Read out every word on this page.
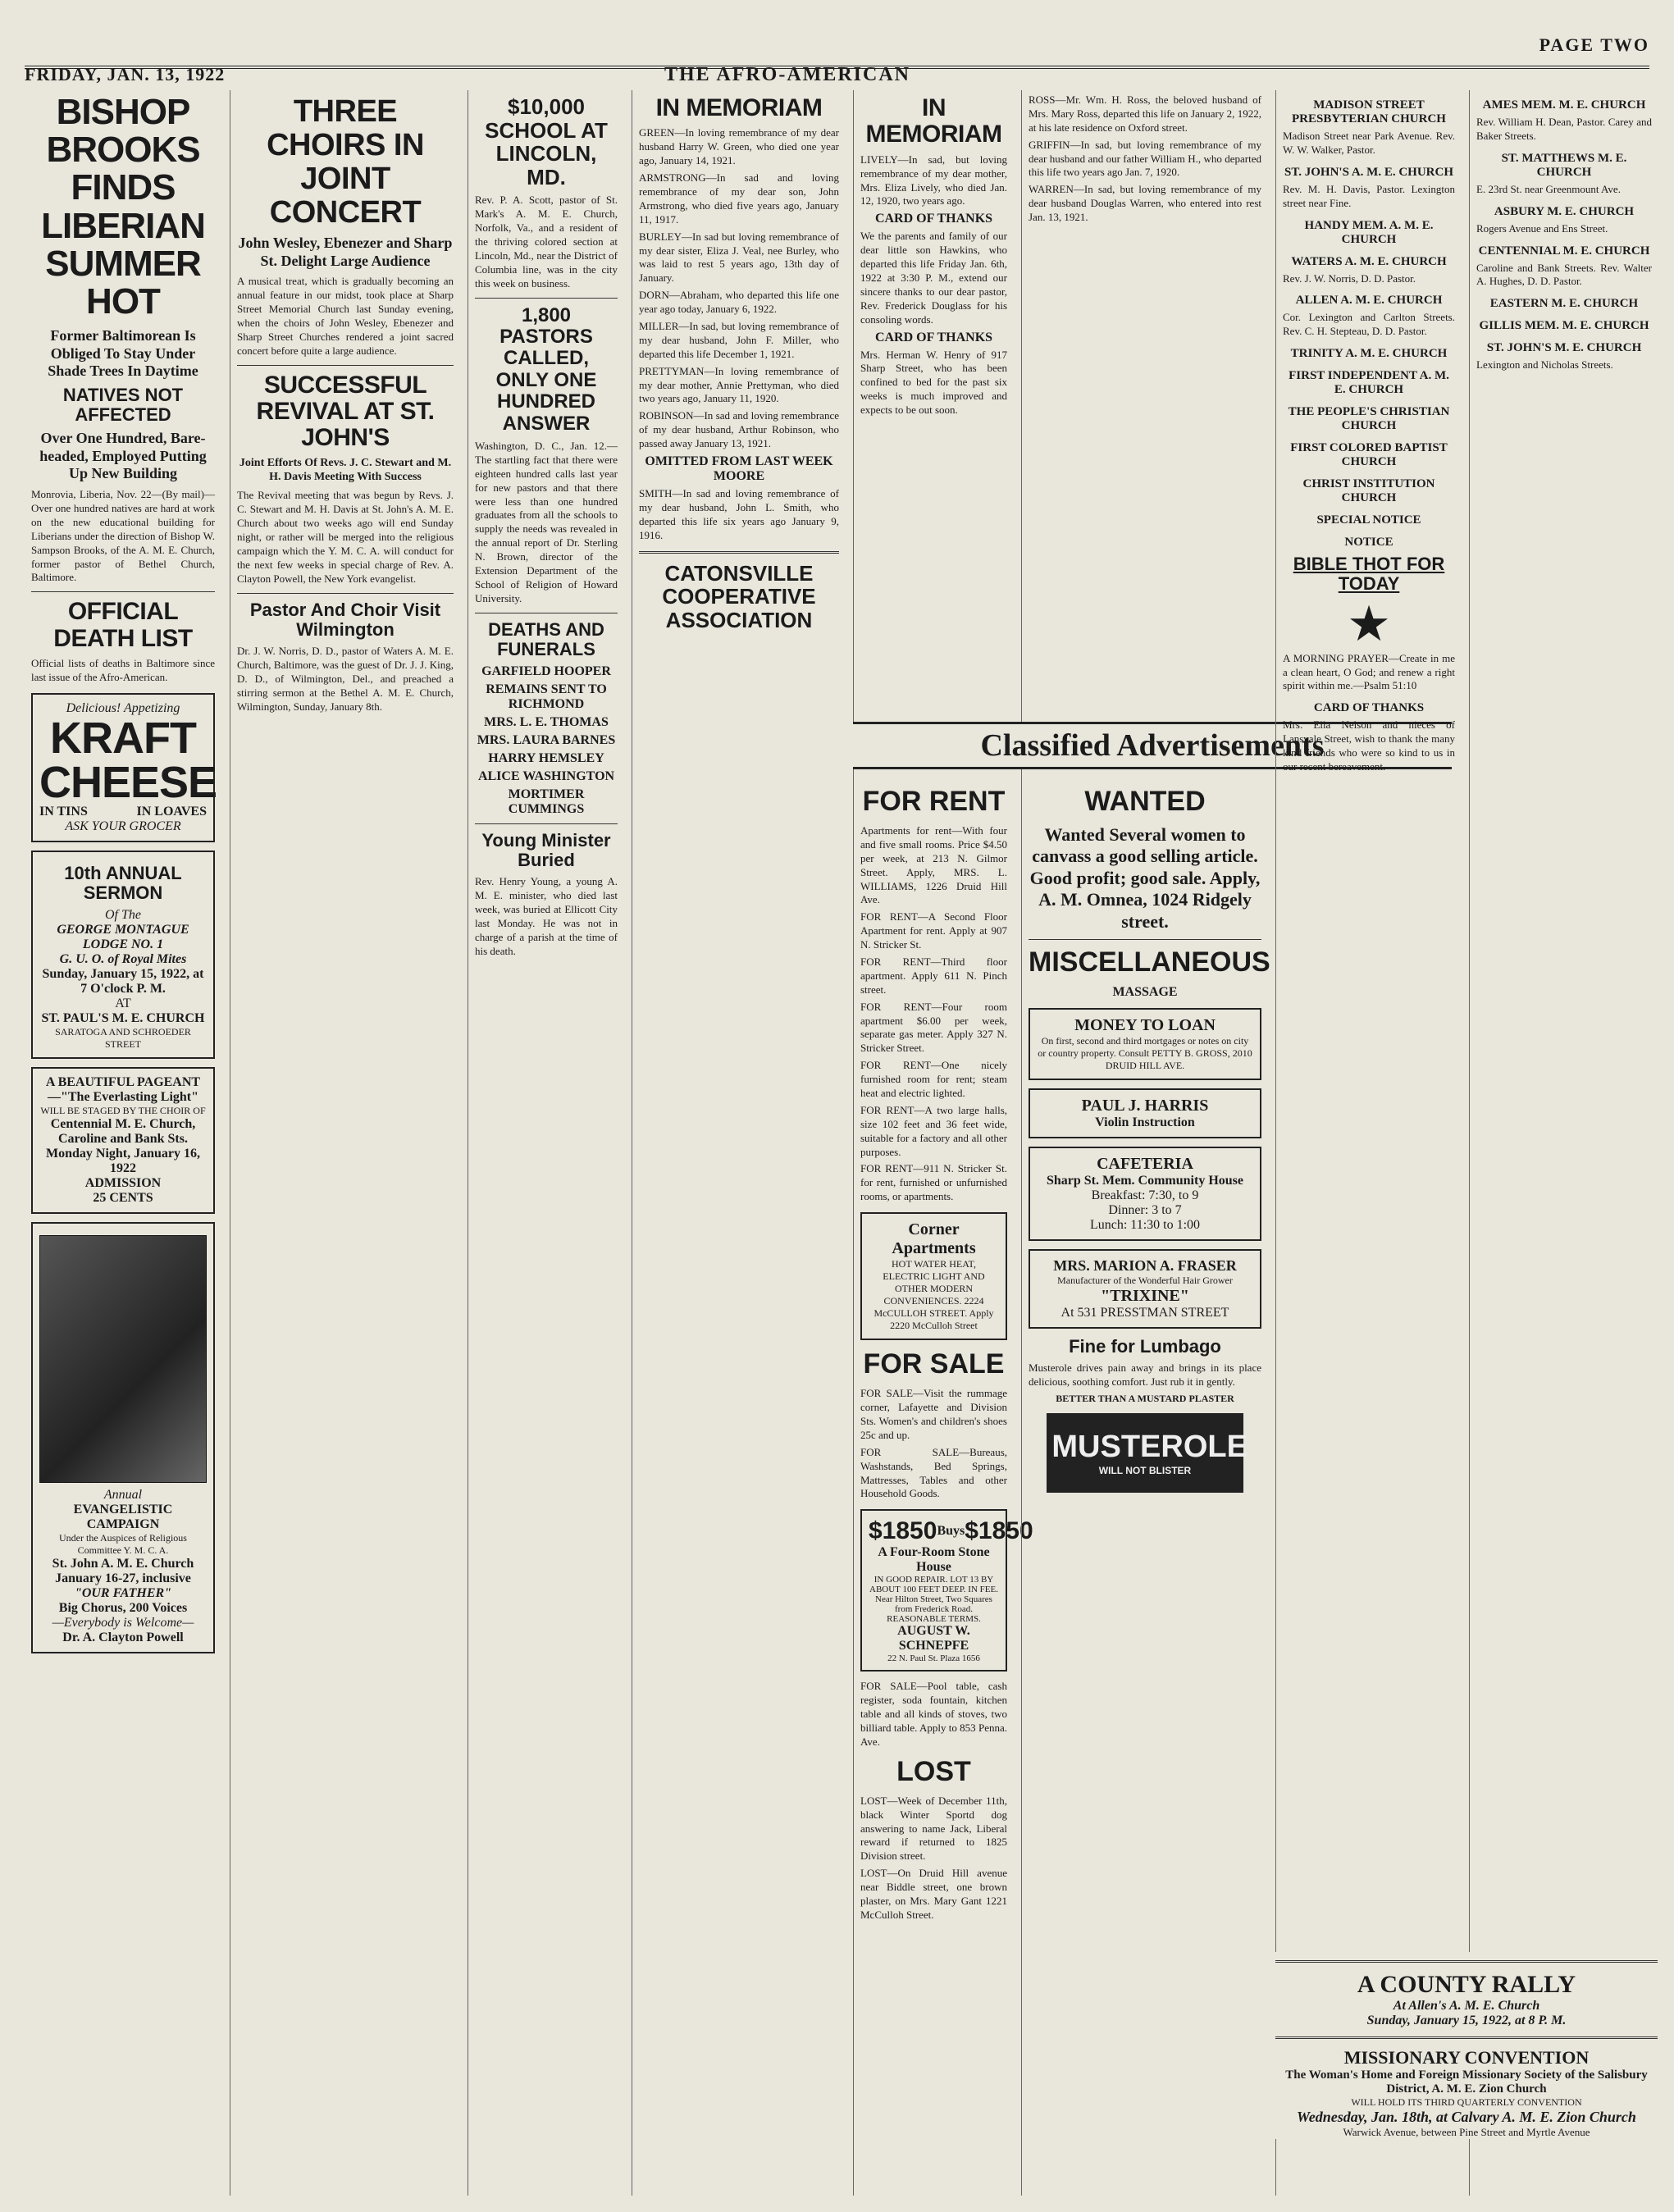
PAGE TWO
FRIDAY, JAN. 13, 1922	THE AFRO-AMERICAN
BISHOP BROOKS FINDS LIBERIAN SUMMER HOT
Former Baltimorean Is Obliged To Stay Under Shade Trees In Daytime
NATIVES NOT AFFECTED
Over One Hundred, Bare-headed, Employed Putting Up New Building
Monrovia, Liberia, Nov. 22—(By mail)—Over one hundred natives are hard at work on the new educational building for Liberians under the direction of Bishop W. Sampson Brooks, of the A. M. E. Church, former pastor of Bethel Church, Baltimore.
OFFICIAL DEATH LIST
Official lists of deaths in Baltimore since last issue of the Afro-American.
Delicious! Appetizing
KRAFT CHEESE
IN TINS	IN LOAVES
ASK YOUR GROCER
10th ANNUAL SERMON
Of The
GEORGE MONTAGUE LODGE NO. 1
G. U. O. of Royal Mites
Sunday, January 15, 1922, at 7 O'clock P. M.
AT
ST. PAUL'S M. E. CHURCH
SARATOGA AND SCHROEDER STREET
A BEAUTIFUL PAGEANT—"The Everlasting Light"
WILL BE STAGED BY THE CHOIR OF
Centennial M. E. Church, Caroline and Bank Sts.
Monday Night, January 16, 1922
ADMISSION
25 CENTS
Annual
EVANGELISTIC CAMPAIGN
Under the Auspices of Religious Committee Y. M. C. A.
St. John A. M. E. Church
January 16-27, inclusive
"OUR FATHER"
Big Chorus, 200 Voices
—Everybody is Welcome—
Dr. A. Clayton Powell
THREE CHOIRS IN JOINT CONCERT
John Wesley, Ebenezer and Sharp St. Delight Large Audience
A musical treat, which is gradually becoming an annual feature in our midst, took place at Sharp Street Memorial Church last Sunday evening, when the choirs of John Wesley, Ebenezer and Sharp Street Churches rendered a joint sacred concert before quite a large audience.
SUCCESSFUL REVIVAL AT ST. JOHN'S
Joint Efforts Of Revs. J. C. Stewart and M. H. Davis Meeting With Success
The Revival meeting that was begun by Revs. J. C. Stewart and M. H. Davis at St. John's A. M. E. Church about two weeks ago will end Sunday night, or rather will be merged into the religious campaign which the Y. M. C. A. will conduct for the next few weeks in special charge of Rev. A. Clayton Powell, the New York evangelist.
Pastor And Choir Visit Wilmington
Dr. J. W. Norris, D. D., pastor of Waters A. M. E. Church, Baltimore, was the guest of Dr. J. J. King, D. D., of Wilmington, Del., and preached a stirring sermon at the Bethel A. M. E. Church, Wilmington, Sunday, January 8th.
$10,000 SCHOOL AT LINCOLN, MD.
Rev. P. A. Scott, pastor of St. Mark's A. M. E. Church, Norfolk, Va., and a resident of the thriving colored section at Lincoln, Md., near the District of Columbia line, was in the city this week on business.
1,800 PASTORS CALLED, ONLY ONE HUNDRED ANSWER
Washington, D. C., Jan. 12.—The startling fact that there were eighteen hundred calls last year for new pastors and that there were less than one hundred graduates from all the schools to supply the needs was revealed in the annual report of Dr. Sterling N. Brown, director of the Extension Department of the School of Religion of Howard University.
DEATHS AND FUNERALS
GARFIELD HOOPER
REMAINS SENT TO RICHMOND
MRS. L. E. THOMAS
MRS. LAURA BARNES
HARRY HEMSLEY
ALICE WASHINGTON
MORTIMER CUMMINGS
Young Minister Buried
Rev. Henry Young, a young A. M. E. minister, who died last week, was buried at Ellicott City last Monday. He was not in charge of a parish at the time of his death.
IN MEMORIAM
GREEN—In loving remembrance of my dear husband Harry W. Green, who died one year ago, January 14, 1921.
ARMSTRONG—In sad and loving remembrance of my dear son, John Armstrong, who died five years ago, January 11, 1917.
BURLEY—In sad but loving remembrance of my dear sister, Eliza J. Veal, nee Burley, who was laid to rest 5 years ago, 13th day of January.
DORN—Abraham, who departed this life one year ago today, January 6, 1922.
MILLER—In sad, but loving remembrance of my dear husband, John F. Miller, who departed this life December 1, 1921.
PRETTYMAN—In loving remembrance of my dear mother, Annie Prettyman, who died two years ago, January 11, 1920.
ROBINSON—In sad and loving remembrance of my dear husband, Arthur Robinson, who passed away January 13, 1921.
OMITTED FROM LAST WEEK MOORE
SMITH—In sad and loving remembrance of my dear husband, John L. Smith, who departed this life six years ago January 9, 1916.
CATONSVILLE COOPERATIVE ASSOCIATION
IN MEMORIAM
LIVELY—In sad, but loving remembrance of my dear mother, Mrs. Eliza Lively, who died Jan. 12, 1920, two years ago.
CARD OF THANKS
We the parents and family of our dear little son Hawkins, who departed this life Friday Jan. 6th, 1922 at 3:30 P. M., extend our sincere thanks to our dear pastor, Rev. Frederick Douglass for his consoling words.
CARD OF THANKS
Mrs. Herman W. Henry of 917 Sharp Street, who has been confined to bed for the past six weeks is much improved and expects to be out soon.
ROSS—Mr. Wm. H. Ross, the beloved husband of Mrs. Mary Ross, departed this life on January 2, 1922, at his late residence on Oxford street.
GRIFFIN—In sad, but loving remembrance of my dear husband and our father William H., who departed this life two years ago Jan. 7, 1920.
WARREN—In sad, but loving remembrance of my dear husband Douglas Warren, who entered into rest Jan. 13, 1921.
Classified Advertisements
FOR RENT
Apartments for rent—With four and five small rooms. Price $4.50 per week, at 213 N. Gilmor Street. Apply, MRS. L. WILLIAMS, 1226 Druid Hill Ave.
FOR RENT—A Second Floor Apartment for rent. Apply at 907 N. Stricker St.
FOR RENT—Third floor apartment. Apply 611 N. Pinch street.
FOR RENT—Four room apartment $6.00 per week, separate gas meter. Apply 327 N. Stricker Street.
FOR RENT—One nicely furnished room for rent; steam heat and electric lighted.
FOR RENT—A two large halls, size 102 feet and 36 feet wide, suitable for a factory and all other purposes.
FOR RENT—911 N. Stricker St. for rent, furnished or unfurnished rooms, or apartments.
Corner Apartments
HOT WATER HEAT, ELECTRIC LIGHT AND OTHER MODERN CONVENIENCES. 2224 McCULLOH STREET. Apply 2220 McCulloh Street
FOR SALE
FOR SALE—Visit the rummage corner, Lafayette and Division Sts. Women's and children's shoes 25c and up.
FOR SALE—Bureaus, Washstands, Bed Springs, Mattresses, Tables and other Household Goods.
$1850 Buys $1850
A Four-Room Stone House
IN GOOD REPAIR. LOT 13 BY ABOUT 100 FEET DEEP. IN FEE. Near Hilton Street, Two Squares from Frederick Road. REASONABLE TERMS.
AUGUST W. SCHNEPFE
22 N. Paul St. Plaza 1656
FOR SALE—Pool table, cash register, soda fountain, kitchen table and all kinds of stoves, two billiard table. Apply to 853 Penna. Ave.
LOST
LOST—Week of December 11th, black Winter Sportd dog answering to name Jack, Liberal reward if returned to 1825 Division street.
LOST—On Druid Hill avenue near Biddle street, one brown plaster, on Mrs. Mary Gant 1221 McCulloh Street.
WANTED
Wanted Several women to canvass a good selling article. Good profit; good sale. Apply, A. M. Omnea, 1024 Ridgely street.
MISCELLANEOUS
MASSAGE
MONEY TO LOAN
On first, second and third mortgages or notes on city or country property. Consult PETTY B. GROSS, 2010 DRUID HILL AVE.
PAUL J. HARRIS
Violin Instruction
CAFETERIA
Sharp St. Mem. Community House
Breakfast: 7:30, to 9
Dinner: 3 to 7
Lunch: 11:30 to 1:00
MRS. MARION A. FRASER
Manufacturer of the Wonderful Hair Grower
"TRIXINE"
At 531 PRESSTMAN STREET
Fine for Lumbago
Musterole drives pain away and brings in its place delicious, soothing comfort. Just rub it in gently.
BETTER THAN A MUSTARD PLASTER
MUSTEROLE
WILL NOT BLISTER
MADISON STREET PRESBYTERIAN CHURCH
Madison Street near Park Avenue. Rev. W. W. Walker, Pastor.
ST. JOHN'S A. M. E. CHURCH
Rev. M. H. Davis, Pastor. Lexington street near Fine.
HANDY MEM. A. M. E. CHURCH
WATERS A. M. E. CHURCH
Rev. J. W. Norris, D. D. Pastor.
ALLEN A. M. E. CHURCH
Cor. Lexington and Carlton Streets. Rev. C. H. Stepteau, D. D. Pastor.
TRINITY A. M. E. CHURCH
FIRST INDEPENDENT A. M. E. CHURCH
THE PEOPLE'S CHRISTIAN CHURCH
FIRST COLORED BAPTIST CHURCH
CHRIST INSTITUTION CHURCH
SPECIAL NOTICE
NOTICE
BIBLE THOT FOR TODAY
★
A MORNING PRAYER—Create in me a clean heart, O God; and renew a right spirit within me.—Psalm 51:10
CARD OF THANKS
Mrs. Ella Nelson and nieces of Lansvale Street, wish to thank the many kind friends who were so kind to us in our recent bereavement.
AMES MEM. M. E. CHURCH
Rev. William H. Dean, Pastor. Carey and Baker Streets.
ST. MATTHEWS M. E. CHURCH
E. 23rd St. near Greenmount Ave.
ASBURY M. E. CHURCH
Rogers Avenue and Ens Street.
CENTENNIAL M. E. CHURCH
Caroline and Bank Streets. Rev. Walter A. Hughes, D. D. Pastor.
EASTERN M. E. CHURCH
GILLIS MEM. M. E. CHURCH
ST. JOHN'S M. E. CHURCH
Lexington and Nicholas Streets.
A COUNTY RALLY
At Allen's A. M. E. Church
Sunday, January 15, 1922, at 8 P. M.
MISSIONARY CONVENTION
The Woman's Home and Foreign Missionary Society of the Salisbury District, A. M. E. Zion Church
WILL HOLD ITS THIRD QUARTERLY CONVENTION
Wednesday, Jan. 18th, at Calvary A. M. E. Zion Church
Warwick Avenue, between Pine Street and Myrtle Avenue
